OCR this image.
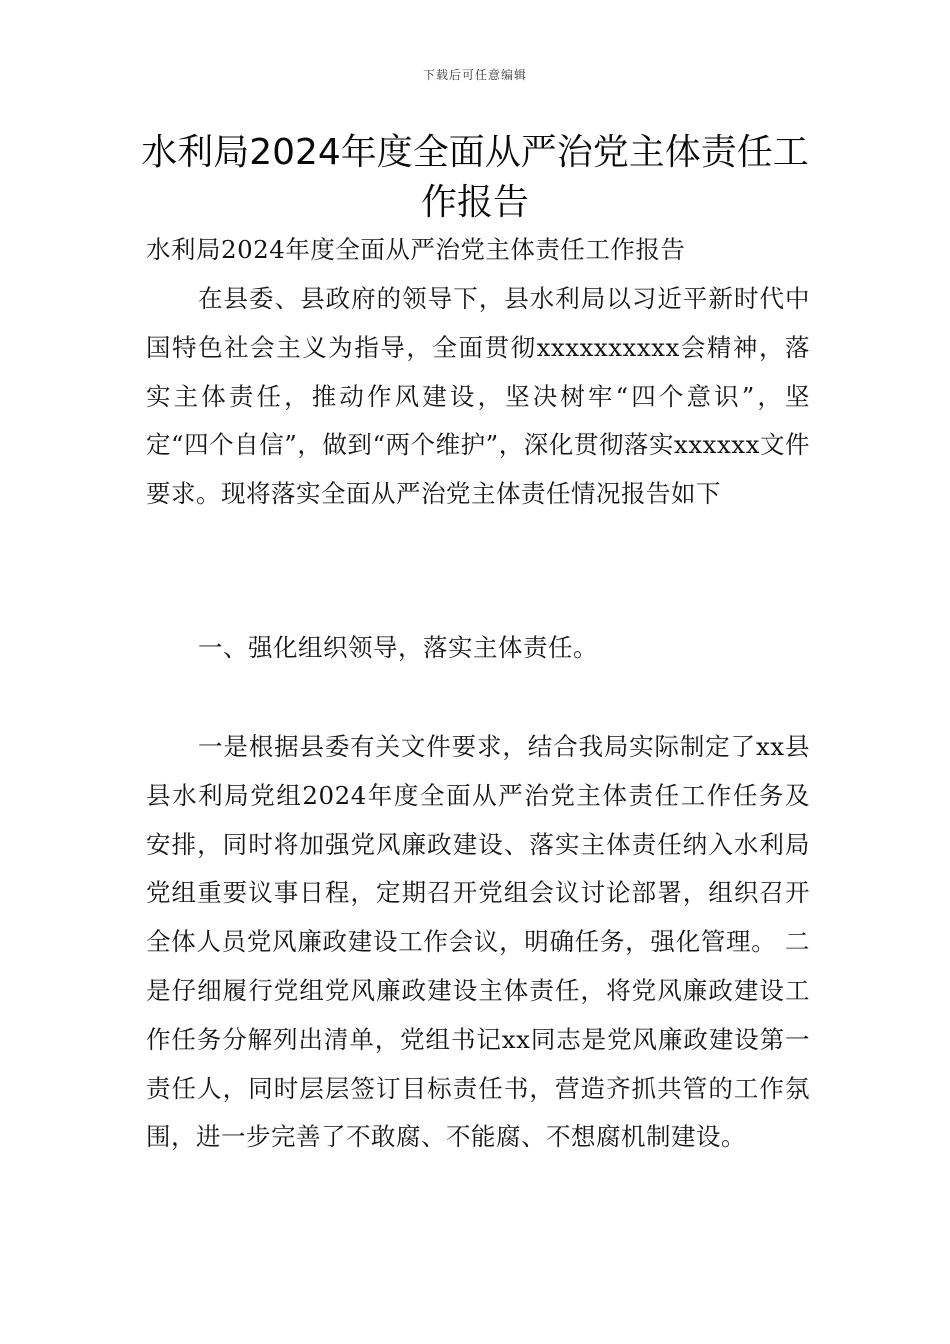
下载后可任意编辑
水利局2024年度全面从严治党主体责任工作报告

水利局2024年度全面从严治党主体责任工作报告

在县委、县政府的领导下，县水利局以习近平新时代中国特色社会主义为指导，全面贯彻xxxxxxxxxx会精神，落实主体责任，推动作风建设，坚决树牢“四个意识”，坚定“四个自信”，做到“两个维护”，深化贯彻落实xxxxxx文件要求。现将落实全面从严治党主体责任情况报告如下

一、强化组织领导，落实主体责任。

一是根据县委有关文件要求，结合我局实际制定了xx县县水利局党组2024年度全面从严治党主体责任工作任务及安排，同时将加强党风廉政建设、落实主体责任纳入水利局党组重要议事日程，定期召开党组会议讨论部署，组织召开全体人员党风廉政建设工作会议，明确任务，强化管理。 二是仔细履行党组党风廉政建设主体责任，将党风廉政建设工作任务分解列出清单，党组书记xx同志是党风廉政建设第一责任人，同时层层签订目标责任书，营造齐抓共管的工作氛围，进一步完善了不敢腐、不能腐、不想腐机制建设。
